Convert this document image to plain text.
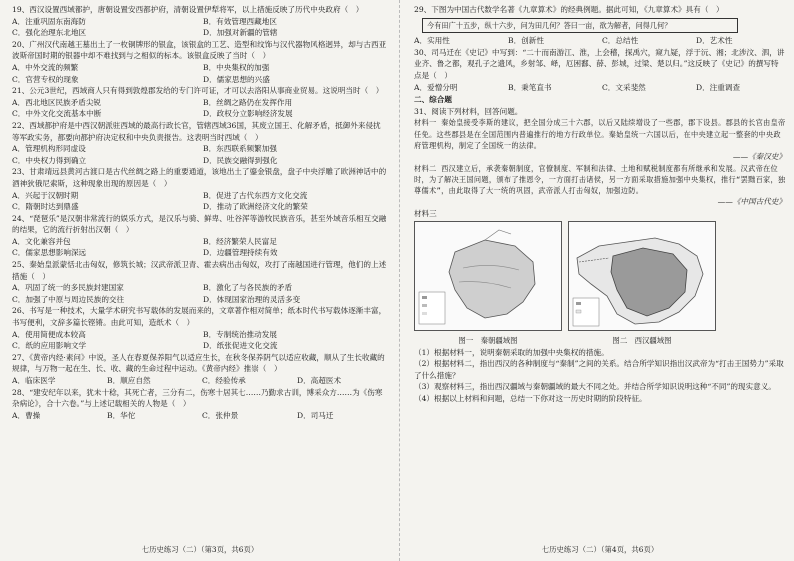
19、西汉设置西域都护，唐朝设置安西都护府，清朝设置伊犁将军，以上措施反映了历代中央政府（　）
A．注重巩固东南海防	B．有效管理西藏地区
C．强化治理东北地区	D．加强对新疆的管辖
20、广州汉代南越王墓出土了一枚铜牌形的银盒，该银盒的工艺、造型和纹饰与汉代器物风格迥异，却与古西亚波斯帝国时期的银器中却不难找到与之相似的标本。该银盒反映了当时（　）
A．中外交流的频繁	B．中央集权的加强
C．官营专权的现象	D．儒家思想的兴盛
21、公元3世纪，西域商人只有得到敦煌郡发给的专门许可证，才可以去洛阳从事商业贸易。这说明当时（　）
A．西北地区民族矛盾尖锐	B．丝绸之路仍在发挥作用
C．中外文化交流基本中断	D．政权分立影响经济发展
22、西域都护府是中西汉朝派驻西域的最高行政长官，管辖西域36国，其废立国王、化解矛盾，抵御外来侵扰等军政实务，都要向都护府决定权和中央负责报告。这表明当时西域（　）
A．管理机构形同虚设	B．东西联系频繁加强
C．中央权力得到确立	D．民族交融得到强化
23、甘肃靖远县黄河古渡口是古代丝绸之路上的重要通道，该地出土了鎏金银盘，盘子中央浮雕了欧洲神话中的酒神狄俄尼索斯，这种现象出现的原因是（　）
A．兴起于汉朝时期	B．促进了古代东西方文化交流
C．隋朝时达到鼎盛	D．推动了欧洲经济文化的繁荣
24、“琵琶乐”是汉朝非常流行的娱乐方式，是汉乐与骑、鲜卑、吐谷浑等游牧民族音乐，甚至外域音乐相互交融的结果，它的流行折射出汉朝（　）
A．文化兼容并包	B．经济繁荣人民富足
C．儒家思想影响深远	D．边疆管理持续有效
25、秦始皇派蒙恬北击匈奴，修筑长城；汉武帝派卫青、霍去病出击匈奴，攻打了南越国进行管理，他们的上述措施（　）
A．巩固了统一的多民族封建国家	B．激化了与各民族的矛盾
C．加强了中原与周边民族的交往	D．体现国家治理的灵活多变
26、书写是一种技术，大量学术研究书写载体的发展而来的，文章著作相对简单；纸本时代书写载体逐渐丰富，书写便利，文辞多篇长铿锵。由此可知，造纸术（　）
A．使用简便成本较高	B．专制统治推动发展
C．纸的应用影响文学	D．纸张促进文化交流
27、《黄帝内经·素问》中说，圣人在春夏保养阳气以适应生长，在秋冬保养阴气以适应收藏，顺从了生长收藏的规律，与万物一起在生、长、收、藏的生命过程中运动。《黄帝内经》推崇（　）
A．临床医学	B．顺应自然	C．经验传承	D．高超医术
28、“建安纪年以来，犹未十稔，其死亡者，三分有二，伤寒十居其七……乃勤求古训，博采众方……为《伤寒杂病论》，合十六卷。”与上述记载相关的人物是（　）
A．曹操	B．华佗	C．张仲景	D．司马迁
29、下图为中国古代数学名著《九章算术》的经典例题。据此可知，《九章算术》具有（　）
今有田广十五步，纵十六步，问为田几何？答曰一亩，欲为解者，问得几何？
A．实用性	B．创新性	C．总结性	D．艺术性
30、司马迁在《史记》中写到：“二十而南游江、淮，上会稽，探禹穴，窥九疑，浮于沅、湘；北涉汶、泗，讲业齐、鲁之都，观孔子之遗风，乡射邹、峄，厄困鄱、薛、彭城，过梁、楚以归。”这反映了《史记》的撰写特点是（　）
A．爱憎分明	B．秉笔直书	C．文采斐然	D．注重调查
二、综合题
31、阅读下列材料，回答问题。
材料一 秦始皇接受李斯的建议，把全国分成三十六郡，以后又陆续增设了一些郡，郡下设县。郡县的长官由皇帝任免。这些郡县是在全国范围内普遍推行的地方行政单位。秦始皇统一六国以后，在中央建立起一整套的中央政府管理机构，制定了全国统一的法律。
——《秦汉史》
材料二 西汉建立后，承袭秦朝制度，官僚制度、军制和法律、土地和赋税制度都有所继承和发展。汉武帝在位时，为了解决王国问题，颁布了推恩令，一方面打击诸侯，另一方面采取措施加强中央集权，推行“罢黜百家，独尊儒术”，由此取得了大一统的巩固，武帝派人打击匈奴，加强边防。
——《中国古代史》
材料三
图一　秦朝疆域图	图二　西汉疆域图
（1）根据材料一，说明秦朝采取的加强中央集权的措施。
（2）根据材料二，指出西汉的各种制度与“秦制”之间的关系。结合所学知识指出汉武帝为“打击王国势力”采取了什么措施？
（3）观察材料三，指出西汉疆域与秦朝疆域的最大不同之处。并结合所学知识说明这种“不同”的现实意义。
（4）根据以上材料和问题，总结一下你对这一历史时期的阶段特征。
七历史练习（二）（第3页，共6页）	七历史练习（二）（第4页，共6页）
